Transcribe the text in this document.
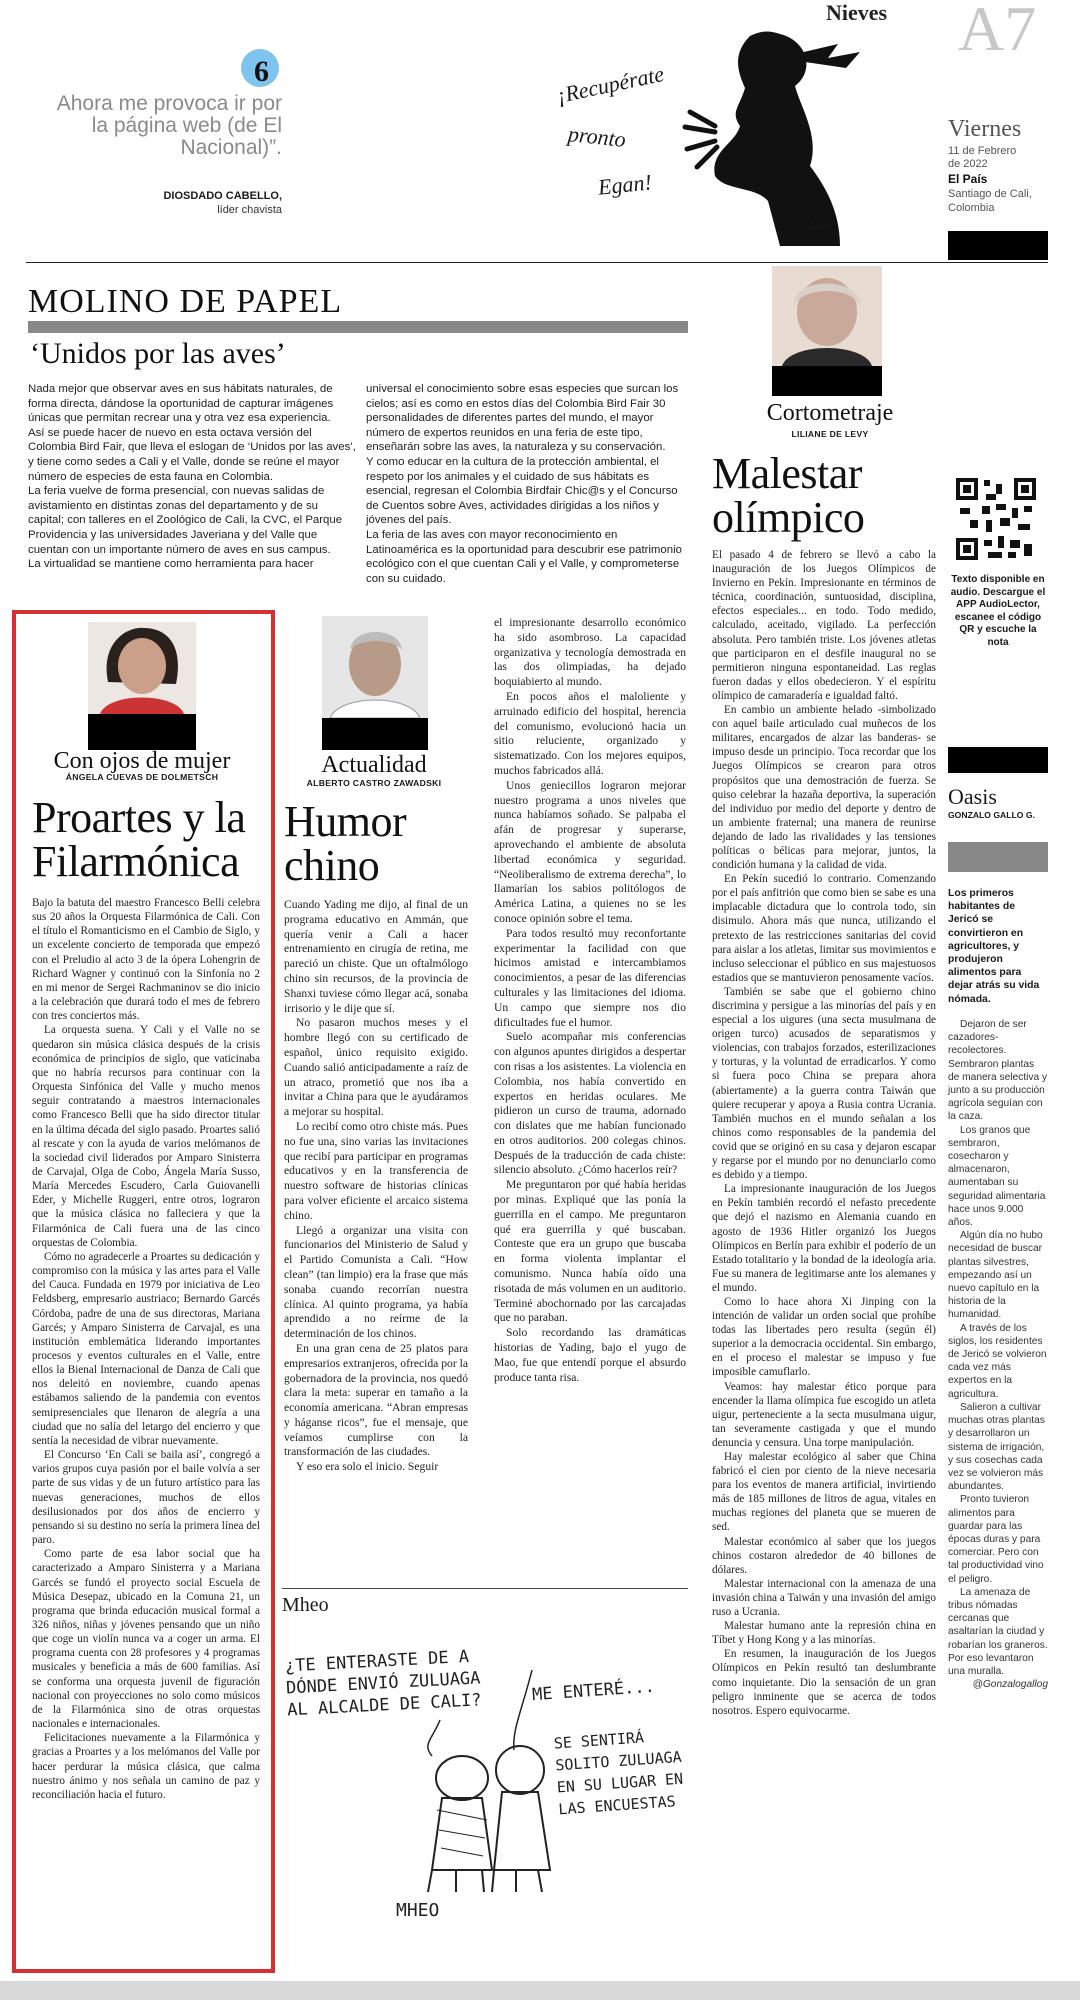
Nieves A7
Viernes
11 de Febrero
de 2022
El País
Santiago de Cali,
Colombia
6
Ahora me provoca ir por la página web (de El Nacional)”.
DIOSDADO CABELLO,
líder chavista
¡Recupérate
pronto
Egan!
Lapo
MOLINO DE PAPEL
‘Unidos por las aves’

Nada mejor que observar aves en sus hábitats naturales, de forma directa, dándose la oportunidad de capturar imágenes únicas que permitan recrear una y otra vez esa experiencia.

Así se puede hacer de nuevo en esta octava versión del Colombia Bird Fair, que lleva el eslogan de ‘Unidos por las aves’, y tiene como sedes a Cali y el Valle, donde se reúne el mayor número de especies de esta fauna en Colombia.

La feria vuelve de forma presencial, con nuevas salidas de avistamiento en distintas zonas del departamento y de su capital; con talleres en el Zoológico de Cali, la CVC, el Parque Providencia y las universidades Javeriana y del Valle que cuentan con un importante número de aves en sus campus.

La virtualidad se mantiene como herramienta para hacer

universal el conocimiento sobre esas especies que surcan los cielos; así es como en estos días del Colombia Bird Fair 30 personalidades de diferentes partes del mundo, el mayor número de expertos reunidos en una feria de este tipo, enseñarán sobre las aves, la naturaleza y su conservación.

Y como educar en la cultura de la protección ambiental, el respeto por los animales y el cuidado de sus hábitats es esencial, regresan el Colombia Birdfair Chic@s y el Concurso de Cuentos sobre Aves, actividades dirigidas a los niños y jóvenes del país.

La feria de las aves con mayor reconocimiento en Latinoamérica es la oportunidad para descubrir ese patrimonio ecológico con el que cuentan Cali y el Valle, y comprometerse con su cuidado.

Cortometraje
LILIANE DE LEVY
Malestar olímpico

El pasado 4 de febrero se llevó a cabo la inauguración de los Juegos Olímpicos de Invierno en Pekín. Impresionante en términos de técnica, coordinación, suntuosidad, disciplina, efectos especiales... en todo. Todo medido, calculado, aceitado, vigilado. La perfección absoluta. Pero también triste. Los jóvenes atletas que participaron en el desfile inaugural no se permitieron ninguna espontaneidad. Las reglas fueron dadas y ellos obedecieron. Y el espíritu olímpico de camaradería e igualdad faltó.

En cambio un ambiente helado -simbolizado con aquel baile articulado cual muñecos de los militares, encargados de alzar las banderas- se impuso desde un principio. Toca recordar que los Juegos Olímpicos se crearon para otros propósitos que una demostración de fuerza. Se quiso celebrar la hazaña deportiva, la superación del individuo por medio del deporte y dentro de un ambiente fraternal; una manera de reunirse dejando de lado las rivalidades y las tensiones políticas o bélicas para mejorar, juntos, la condición humana y la calidad de vida.

En Pekín sucedió lo contrario. Comenzando por el país anfitrión que como bien se sabe es una implacable dictadura que lo controla todo, sin disimulo. Ahora más que nunca, utilizando el pretexto de las restricciones sanitarias del covid para aislar a los atletas, limitar sus movimientos e incluso seleccionar el público en sus majestuosos estadios que se mantuvieron penosamente vacíos.

También se sabe que el gobierno chino discrimina y persigue a las minorías del país y en especial a los uigures (una secta musulmana de origen turco) acusados de separatismos y violencias, con trabajos forzados, esterilizaciones y torturas, y la voluntad de erradicarlos. Y como si fuera poco China se prepara ahora (abiertamente) a la guerra contra Taiwán que quiere recuperar y apoya a Rusia contra Ucrania. También muchos en el mundo señalan a los chinos como responsables de la pandemia del covid que se originó en su casa y dejaron escapar y regarse por el mundo por no denunciarlo como es debido y a tiempo.

La impresionante inauguración de los Juegos en Pekín también recordó el nefasto precedente que dejó el nazismo en Alemania cuando en agosto de 1936 Hitler organizó los Juegos Olímpicos en Berlín para exhibir el poderío de un Estado totalitario y la bondad de la ideología aria. Fue su manera de legitimarse ante los alemanes y el mundo.

Como lo hace ahora Xi Jinping con la intención de validar un orden social que prohíbe todas las libertades pero resulta (según él) superior a la democracia occidental. Sin embargo, en el proceso el malestar se impuso y fue imposible camuflarlo.

Veamos: hay malestar ético porque para encender la llama olímpica fue escogido un atleta uigur, perteneciente a la secta musulmana uigur, tan severamente castigada y que el mundo denuncia y censura. Una torpe manipulación.

Hay malestar ecológico al saber que China fabricó el cien por ciento de la nieve necesaria para los eventos de manera artificial, invirtiendo más de 185 millones de litros de agua, vitales en muchas regiones del planeta que se mueren de sed.

Malestar económico al saber que los juegos chinos costaron alrededor de 40 billones de dólares.

Malestar internacional con la amenaza de una invasión china a Taiwán y una invasión del amigo ruso a Ucrania.

Malestar humano ante la represión china en Tíbet y Hong Kong y a las minorías.

En resumen, la inauguración de los Juegos Olímpicos en Pekín resultó tan deslumbrante como inquietante. Dio la sensación de un gran peligro inminente que se acerca de todos nosotros. Espero equivocarme.

Texto disponible en audio. Descargue el APP AudioLector, escanee el código QR y escuche la nota
Oasis
GONZALO GALLO G.
Los primeros habitantes de Jericó se convirtieron en agricultores, y produjeron alimentos para dejar atrás su vida nómada.

Dejaron de ser cazadores-recolectores. Sembraron plantas de manera selectiva y junto a su producción agrícola seguían con la caza.

Los granos que sembraron, cosecharon y almacenaron, aumentaban su seguridad alimentaria hace unos 9.000 años.

Algún día no hubo necesidad de buscar plantas silvestres, empezando así un nuevo capítulo en la historia de la humanidad.

A través de los siglos, los residentes de Jericó se volvieron cada vez más expertos en la agricultura.

Salieron a cultivar muchas otras plantas y desarrollaron un sistema de irrigación, y sus cosechas cada vez se volvieron más abundantes.

Pronto tuvieron alimentos para guardar para las épocas duras y para comerciar. Pero con tal productividad vino el peligro.

La amenaza de tribus nómadas cercanas que asaltarían la ciudad y robarían los graneros. Por eso levantaron una muralla.

@Gonzalogallog

Con ojos de mujer
ÁNGELA CUEVAS DE DOLMETSCH
Proartes y la Filarmónica

Bajo la batuta del maestro Francesco Belli celebra sus 20 años la Orquesta Filarmónica de Cali. Con el título el Romanticismo en el Cambio de Siglo, y un excelente concierto de temporada que empezó con el Preludio al acto 3 de la ópera Lohengrin de Richard Wagner y continuó con la Sinfonía no 2 en mi menor de Sergei Rachmaninov se dio inicio a la celebración que durará todo el mes de febrero con tres conciertos más.

La orquesta suena. Y Cali y el Valle no se quedaron sin música clásica después de la crisis económica de principios de siglo, que vaticinaba que no habría recursos para continuar con la Orquesta Sinfónica del Valle y mucho menos seguir contratando a maestros internacionales como Francesco Belli que ha sido director titular en la última década del siglo pasado. Proartes salió al rescate y con la ayuda de varios melómanos de la sociedad civil liderados por Amparo Sinisterra de Carvajal, Olga de Cobo, Ángela María Susso, María Mercedes Escudero, Carla Guiovanelli Eder, y Michelle Ruggeri, entre otros, lograron que la música clásica no falleciera y que la Filarmónica de Cali fuera una de las cinco orquestas de Colombia.

Cómo no agradecerle a Proartes su dedicación y compromiso con la música y las artes para el Valle del Cauca. Fundada en 1979 por iniciativa de Leo Feldsberg, empresario austriaco; Bernardo Garcés Córdoba, padre de una de sus directoras, Mariana Garcés; y Amparo Sinisterra de Carvajal, es una institución emblemática liderando importantes procesos y eventos culturales en el Valle, entre ellos la Bienal Internacional de Danza de Cali que nos deleitó en noviembre, cuando apenas estábamos saliendo de la pandemia con eventos semipresenciales que llenaron de alegría a una ciudad que no salía del letargo del encierro y que sentía la necesidad de vibrar nuevamente.

El Concurso ‘En Cali se baila así’, congregó a varios grupos cuya pasión por el baile volvía a ser parte de sus vidas y de un futuro artístico para las nuevas generaciones, muchos de ellos desilusionados por dos años de encierro y pensando si su destino no sería la primera línea del paro.

Como parte de esa labor social que ha caracterizado a Amparo Sinisterra y a Mariana Garcés se fundó el proyecto social Escuela de Música Desepaz, ubicado en la Comuna 21, un programa que brinda educación musical formal a 326 niños, niñas y jóvenes pensando que un niño que coge un violín nunca va a coger un arma. El programa cuenta con 28 profesores y 4 programas musicales y beneficia a más de 600 familias. Así se conforma una orquesta juvenil de figuración nacional con proyecciones no solo como músicos de la Filarmónica sino de otras orquestas nacionales e internacionales.

Felicitaciones nuevamente a la Filarmónica y gracias a Proartes y a los melómanos del Valle por hacer perdurar la música clásica, que calma nuestro ánimo y nos señala un camino de paz y reconciliación hacia el futuro.

Actualidad
ALBERTO CASTRO ZAWADSKI
Humor chino

Cuando Yading me dijo, al final de un programa educativo en Ammán, que quería venir a Cali a hacer entrenamiento en cirugía de retina, me pareció un chiste. Que un oftalmólogo chino sin recursos, de la provincia de Shanxi tuviese cómo llegar acá, sonaba irrisorio y le dije que sí.

No pasaron muchos meses y el hombre llegó con su certificado de español, único requisito exigido. Cuando salió anticipadamente a raíz de un atraco, prometió que nos iba a invitar a China para que le ayudáramos a mejorar su hospital.

Lo recibí como otro chiste más. Pues no fue una, sino varias las invitaciones que recibí para participar en programas educativos y en la transferencia de nuestro software de historias clínicas para volver eficiente el arcaico sistema chino.

Llegó a organizar una visita con funcionarios del Ministerio de Salud y el Partido Comunista a Cali. “How clean” (tan limpio) era la frase que más sonaba cuando recorrían nuestra clínica. Al quinto programa, ya había aprendido a no reírme de la determinación de los chinos.

En una gran cena de 25 platos para empresarios extranjeros, ofrecida por la gobernadora de la provincia, nos quedó clara la meta: superar en tamaño a la economía americana. “Abran empresas y háganse ricos”, fue el mensaje, que veíamos cumplirse con la transformación de las ciudades.

Y eso era solo el inicio. Seguir

el impresionante desarrollo económico ha sido asombroso. La capacidad organizativa y tecnología demostrada en las dos olimpiadas, ha dejado boquiabierto al mundo.

En pocos años el maloliente y arruinado edificio del hospital, herencia del comunismo, evolucionó hacia un sitio reluciente, organizado y sistematizado. Con los mejores equipos, muchos fabricados allá.

Unos geniecillos lograron mejorar nuestro programa a unos niveles que nunca habíamos soñado. Se palpaba el afán de progresar y superarse, aprovechando el ambiente de absoluta libertad económica y seguridad. “Neoliberalismo de extrema derecha”, lo llamarían los sabios politólogos de América Latina, a quienes no se les conoce opinión sobre el tema.

Para todos resultó muy reconfortante experimentar la facilidad con que hicimos amistad e intercambiamos conocimientos, a pesar de las diferencias culturales y las limitaciones del idioma. Un campo que siempre nos dio dificultades fue el humor.

Suelo acompañar mis conferencias con algunos apuntes dirigidos a despertar con risas a los asistentes. La violencia en Colombia, nos había convertido en expertos en heridas oculares. Me pidieron un curso de trauma, adornado con dislates que me habían funcionado en otros auditorios. 200 colegas chinos. Después de la traducción de cada chiste: silencio absoluto. ¿Cómo hacerlos reír?

Me preguntaron por qué había heridas por minas. Expliqué que las ponía la guerrilla en el campo. Me preguntaron qué era guerrilla y qué buscaban. Conteste que era un grupo que buscaba en forma violenta implantar el comunismo. Nunca había oído una risotada de más volumen en un auditorio. Terminé abochornado por las carcajadas que no paraban.

Solo recordando las dramáticas historias de Yading, bajo el yugo de Mao, fue que entendí porque el absurdo produce tanta risa.

Mheo
¿TE ENTERASTE DE A DÓNDE ENVIÓ ZULUAGA AL ALCALDE DE CALI?	ME ENTERÉ...
SE SENTIRÁ SOLITO ZULUAGA EN SU LUGAR EN LAS ENCUESTAS
MHEO
